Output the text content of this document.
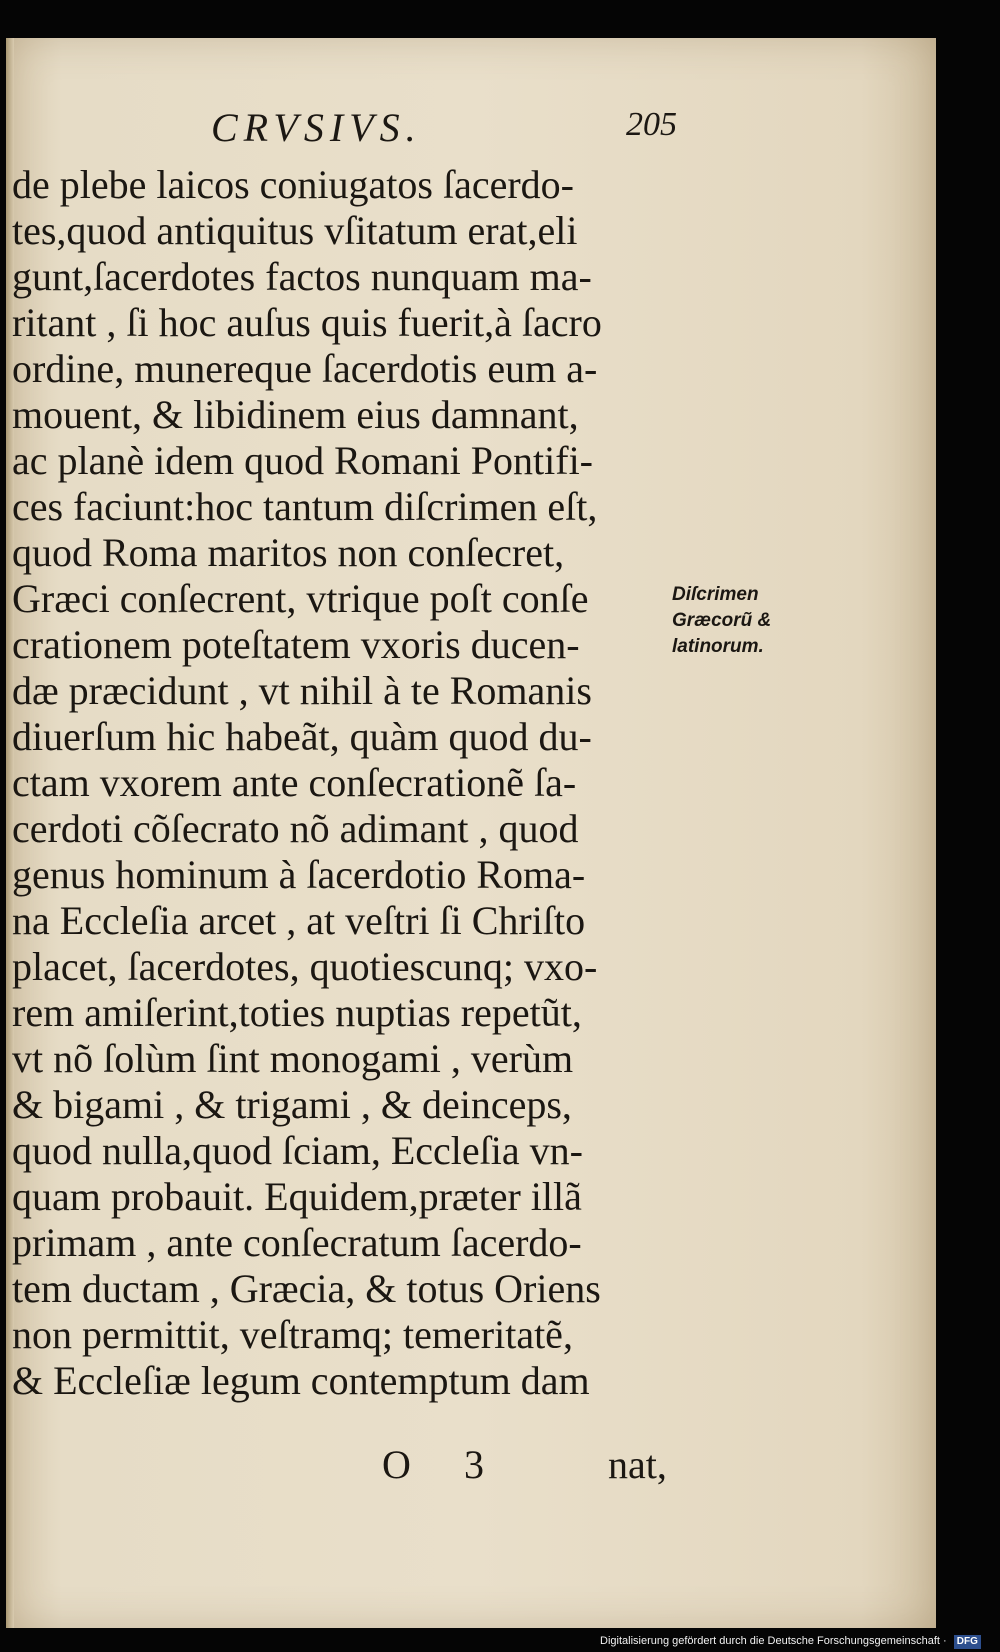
CRVSIVS.	205
de plebe laicos coniugatos ſacerdo-
tes,quod antiquitus vſitatum erat,eli
gunt,ſacerdotes factos nunquam ma-
ritant , ſi hoc auſus quis fuerit,à ſacro
ordine, munereque ſacerdotis eum a-
mouent, & libidinem eius damnant,
ac planè idem quod Romani Pontifi-
ces faciunt:hoc tantum diſcrimen eſt,
quod Roma maritos non conſecret,
Græci conſecrent, vtrique poſt conſe
crationem poteſtatem vxoris ducen-
dæ præcidunt , vt nihil à te Romanis
diuerſum hic habeãt, quàm quod du-
ctam vxorem ante conſecrationẽ ſa-
cerdoti cõſecrato nõ adimant , quod
genus hominum à ſacerdotio Roma-
na Eccleſia arcet , at veſtri ſi Chriſto
placet, ſacerdotes, quotiescunq; vxo-
rem amiſerint,toties nuptias repetũt,
vt nõ ſolùm ſint monogami , verùm
& bigami , & trigami , & deinceps,
quod nulla,quod ſciam, Eccleſia vn-
quam probauit. Equidem,præter illã
primam , ante conſecratum ſacerdo-
tem ductam , Græcia, & totus Oriens
non permittit, veſtramq; temeritatẽ,
& Eccleſiæ legum contemptum dam
Diſcrimen
Græcorũ &
latinorum.
O 3	nat,
Digitalisierung gefördert durch die Deutsche Forschungsgemeinschaft · DFG
